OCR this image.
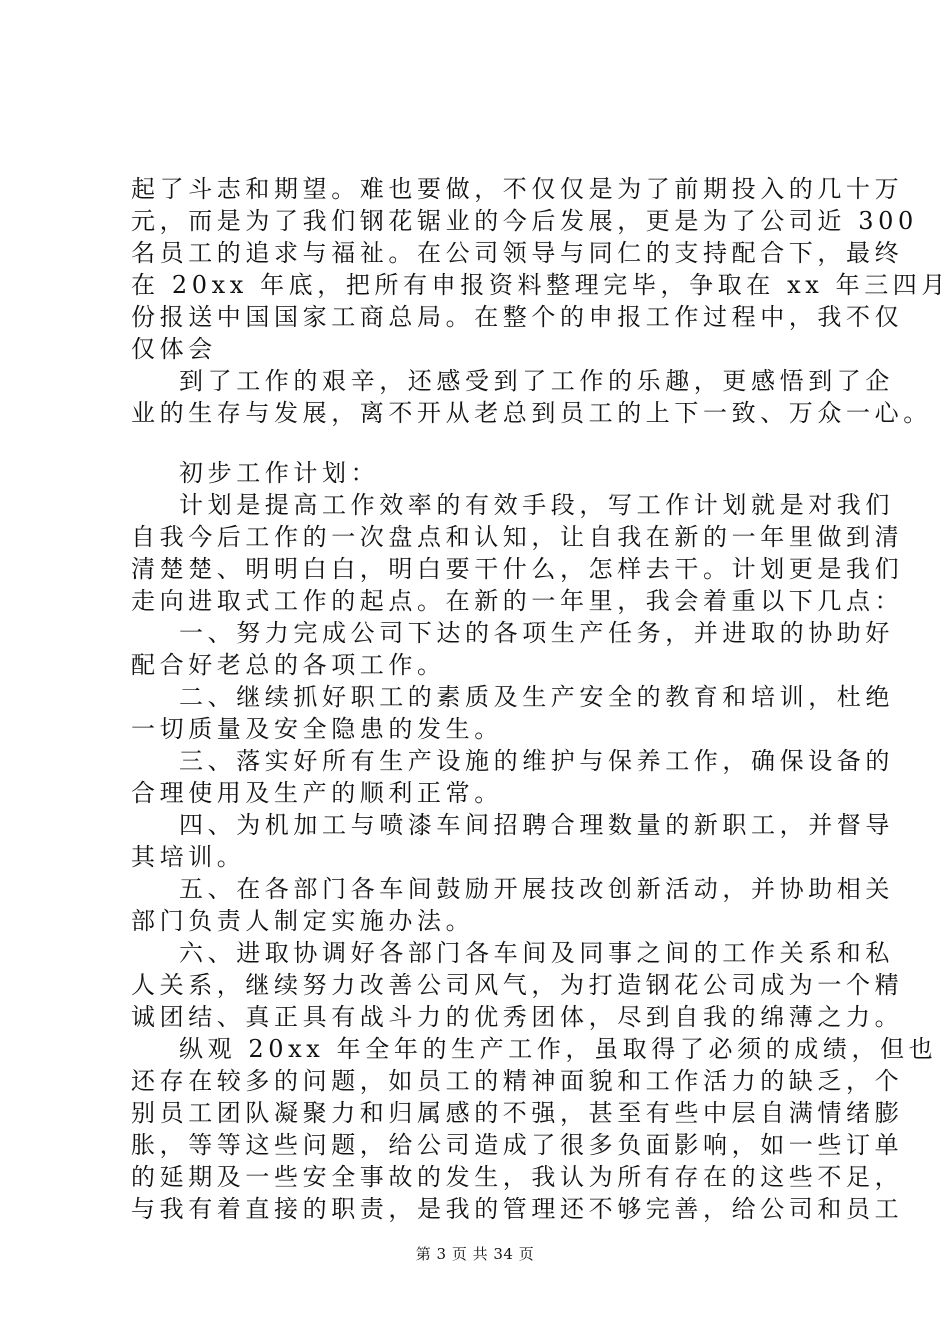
起了斗志和期望。难也要做，不仅仅是为了前期投入的几十万
元，而是为了我们钢花锯业的今后发展，更是为了公司近 300
名员工的追求与福祉。在公司领导与同仁的支持配合下，最终
在 20xx 年底，把所有申报资料整理完毕，争取在 xx 年三四月
份报送中国国家工商总局。在整个的申报工作过程中，我不仅
仅体会
到了工作的艰辛，还感受到了工作的乐趣，更感悟到了企
业的生存与发展，离不开从老总到员工的上下一致、万众一心。
初步工作计划：
计划是提高工作效率的有效手段，写工作计划就是对我们
自我今后工作的一次盘点和认知，让自我在新的一年里做到清
清楚楚、明明白白，明白要干什么，怎样去干。计划更是我们
走向进取式工作的起点。在新的一年里，我会着重以下几点：
一、努力完成公司下达的各项生产任务，并进取的协助好
配合好老总的各项工作。
二、继续抓好职工的素质及生产安全的教育和培训，杜绝
一切质量及安全隐患的发生。
三、落实好所有生产设施的维护与保养工作，确保设备的
合理使用及生产的顺利正常。
四、为机加工与喷漆车间招聘合理数量的新职工，并督导
其培训。
五、在各部门各车间鼓励开展技改创新活动，并协助相关
部门负责人制定实施办法。
六、进取协调好各部门各车间及同事之间的工作关系和私
人关系，继续努力改善公司风气，为打造钢花公司成为一个精
诚团结、真正具有战斗力的优秀团体，尽到自我的绵薄之力。
纵观 20xx 年全年的生产工作，虽取得了必须的成绩，但也
还存在较多的问题，如员工的精神面貌和工作活力的缺乏，个
别员工团队凝聚力和归属感的不强，甚至有些中层自满情绪膨
胀，等等这些问题，给公司造成了很多负面影响，如一些订单
的延期及一些安全事故的发生，我认为所有存在的这些不足，
与我有着直接的职责，是我的管理还不够完善，给公司和员工
第 3 页 共 34 页
